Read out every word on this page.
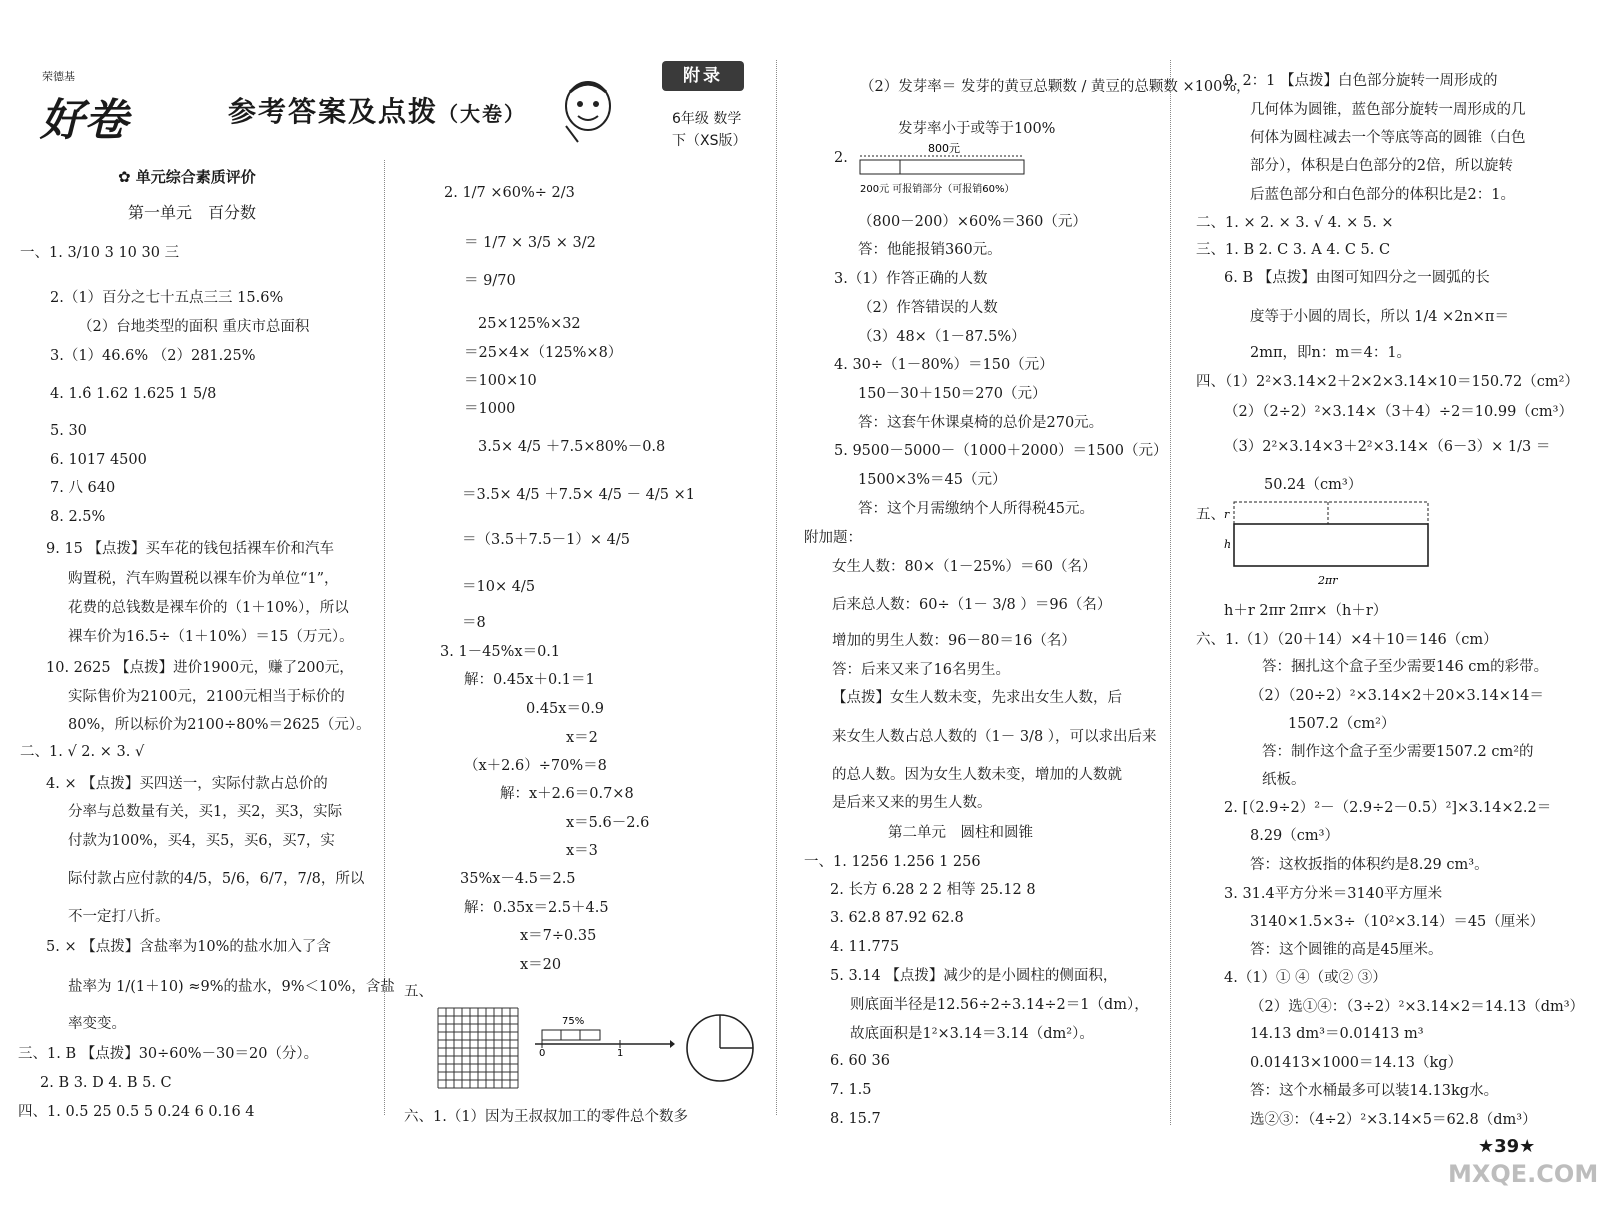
荣德基
好卷	参考答案及点拨（大卷）
附录
6年级 数学
下（XS版）
✿ 单元综合素质评价
第一单元　百分数
一、1. 3/10 3 10 30 三
2.（1）百分之七十五点三三 15.6%
（2）台地类型的面积 重庆市总面积
3.（1）46.6% （2）281.25%
4. 1.6̇ 1.62 1.625 1 5/8
5. 30
6. 1017 4500
7. 八 640
8. 2.5%
9. 15 【点拨】买车花的钱包括裸车价和汽车
购置税，汽车购置税以裸车价为单位“1”，
花费的总钱数是裸车价的（1＋10%），所以
裸车价为16.5÷（1＋10%）＝15（万元）。
10. 2625 【点拨】进价1900元，赚了200元，
实际售价为2100元，2100元相当于标价的
80%，所以标价为2100÷80%＝2625（元）。
二、1. √ 2. × 3. √
4. × 【点拨】买四送一，实际付款占总价的
分率与总数量有关，买1，买2，买3，实际
付款为100%，买4，买5，买6，买7，实
际付款占应付款的4/5，5/6，6/7，7/8，所以
不一定打八折。
5. × 【点拨】含盐率为10%的盐水加入了含
盐率为 1/(1＋10) ≈9%的盐水，9%＜10%，含盐
率变变。
三、1. B 【点拨】30÷60%－30＝20（分）。
2. B 3. D 4. B 5. C
四、1. 0.5 25 0.5 5 0.24 6 0.16 4
2. 1/7 ×60%÷ 2/3
＝ 1/7 × 3/5 × 3/2
＝ 9/70
25×125%×32
＝25×4×（125%×8）
＝100×10
＝1000
3.5× 4/5 ＋7.5×80%－0.8
＝3.5× 4/5 ＋7.5× 4/5 － 4/5 ×1
＝（3.5＋7.5－1）× 4/5
＝10× 4/5
＝8
3. 1－45%x＝0.1
解：0.45x＋0.1＝1
0.45x＝0.9
x＝2
（x＋2.6）÷70%＝8
解：x＋2.6＝0.7×8
x＝5.6－2.6
x＝3
35%x－4.5＝2.5
解：0.35x＝2.5＋4.5
x＝7÷0.35
x＝20
五、
六、1.（1）因为王叔叔加工的零件总个数多
75%
0	1
（2）发芽率＝ 发芽的黄豆总颗数 / 黄豆的总颗数 ×100%，
发芽率小于或等于100%
2.
（800－200）×60%＝360（元）
答：他能报销360元。
3.（1）作答正确的人数
（2）作答错误的人数
（3）48×（1－87.5%）
4. 30÷（1－80%）＝150（元）
150－30＋150＝270（元）
答：这套午休课桌椅的总价是270元。
5. 9500－5000－（1000＋2000）＝1500（元）
1500×3%＝45（元）
答：这个月需缴纳个人所得税45元。
附加题：
女生人数：80×（1－25%）＝60（名）
后来总人数：60÷（1－ 3/8 ）＝96（名）
增加的男生人数：96－80＝16（名）
答：后来又来了16名男生。
【点拨】女生人数未变，先求出女生人数，后
来女生人数占总人数的（1－ 3/8 ），可以求出后来
的总人数。因为女生人数未变，增加的人数就
是后来又来的男生人数。
第二单元　圆柱和圆锥
一、1. 1256 1.256 1 256
2. 长方 6.28 2 2 相等 25.12 8
3. 62.8 87.92 62.8
4. 11.775
5. 3.14 【点拨】减少的是小圆柱的侧面积，
则底面半径是12.56÷2÷3.14÷2＝1（dm），
故底面积是1²×3.14＝3.14（dm²）。
6. 60 36
7. 1.5
8. 15.7
800元
200元 可报销部分（可报销60%）
9. 2：1 【点拨】白色部分旋转一周形成的
几何体为圆锥，蓝色部分旋转一周形成的几
何体为圆柱减去一个等底等高的圆锥（白色
部分），体积是白色部分的2倍，所以旋转
后蓝色部分和白色部分的体积比是2：1。
二、1. × 2. × 3. √ 4. × 5. ×
三、1. B 2. C 3. A 4. C 5. C
6. B 【点拨】由图可知四分之一圆弧的长
度等于小圆的周长，所以 1/4 ×2n×π＝
2mπ，即n：m＝4：1。
四、（1）2²×3.14×2＋2×2×3.14×10＝150.72（cm²）
（2）（2÷2）²×3.14×（3＋4）÷2＝10.99（cm³）
（3）2²×3.14×3＋2²×3.14×（6－3）× 1/3 ＝
50.24（cm³）
五、
h＋r 2πr 2πr×（h＋r）
六、1.（1）（20＋14）×4＋10＝146（cm）
答：捆扎这个盒子至少需要146 cm的彩带。
（2）（20÷2）²×3.14×2＋20×3.14×14＝
1507.2（cm²）
答：制作这个盒子至少需要1507.2 cm²的
纸板。
2. [（2.9÷2）²－（2.9÷2－0.5）²]×3.14×2.2＝
8.29（cm³）
答：这枚扳指的体积约是8.29 cm³。
3. 31.4平方分米＝3140平方厘米
3140×1.5×3÷（10²×3.14）＝45（厘米）
答：这个圆锥的高是45厘米。
4.（1）① ④（或② ③）
（2）选①④：（3÷2）²×3.14×2＝14.13（dm³）
14.13 dm³＝0.01413 m³
0.01413×1000＝14.13（kg）
答：这个水桶最多可以装14.13kg水。
选②③：（4÷2）²×3.14×5＝62.8（dm³）
r
h
2πr
★39★
MXQE.COM
